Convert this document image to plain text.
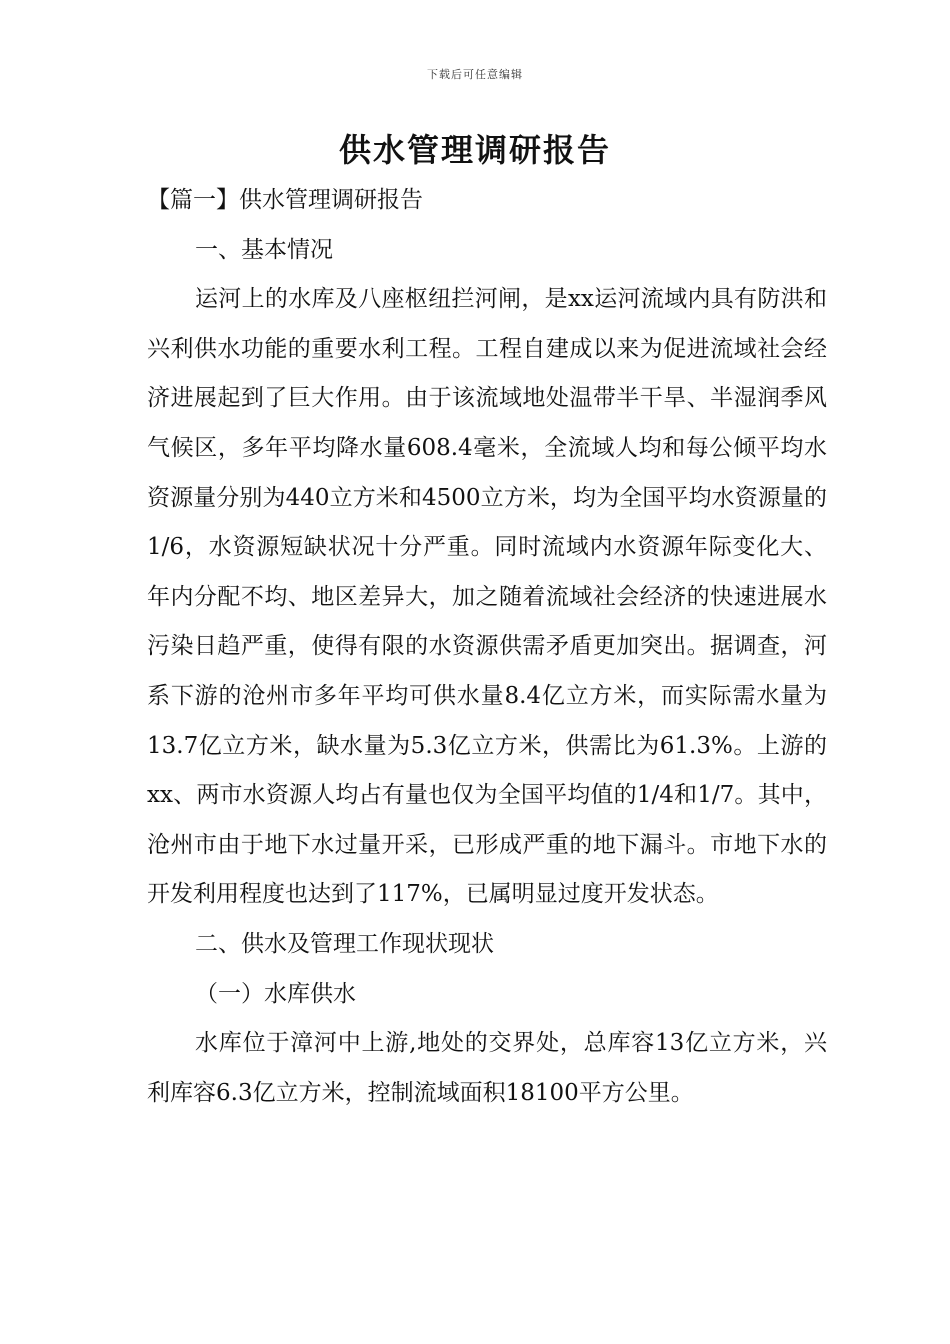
下载后可任意编辑
供水管理调研报告

【篇一】供水管理调研报告

一、基本情况

运河上的水库及八座枢纽拦河闸，是xx运河流域内具有防洪和兴利供水功能的重要水利工程。工程自建成以来为促进流域社会经济进展起到了巨大作用。由于该流域地处温带半干旱、半湿润季风气候区，多年平均降水量608.4毫米，全流域人均和每公倾平均水资源量分别为440立方米和4500立方米，均为全国平均水资源量的1/6，水资源短缺状况十分严重。同时流域内水资源年际变化大、年内分配不均、地区差异大，加之随着流域社会经济的快速进展水污染日趋严重，使得有限的水资源供需矛盾更加突出。据调查，河系下游的沧州市多年平均可供水量8.4亿立方米，而实际需水量为13.7亿立方米，缺水量为5.3亿立方米，供需比为61.3%。上游的xx、两市水资源人均占有量也仅为全国平均值的1/4和1/7。其中，沧州市由于地下水过量开采，已形成严重的地下漏斗。市地下水的开发利用程度也达到了117%，已属明显过度开发状态。

二、供水及管理工作现状现状

（一）水库供水

水库位于漳河中上游,地处的交界处，总库容13亿立方米，兴利库容6.3亿立方米，控制流域面积18100平方公里。
